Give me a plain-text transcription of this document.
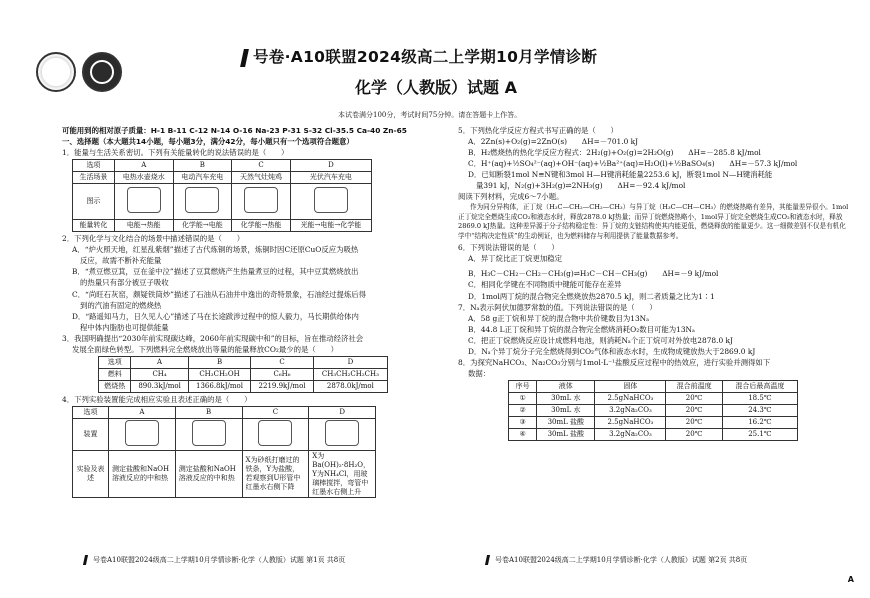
号卷·A10联盟2024级高二上学期10月学情诊断
化学（人教版）试题 A
本试卷满分100分，考试时间75分钟。请在答题卡上作答。
可能用到的相对原子质量：H-1 B-11 C-12 N-14 O-16 Na-23 P-31 S-32 Cl-35.5 Ca-40 Zn-65
一、选择题（本大题共14小题，每小题3分，满分42分，每小题只有一个选项符合题意）
1．能量与生活关系密切。下列有关能量转化的说法错误的是（　　）
选项	A	B	C	D
生活场景	电热水壶烧水	电动汽车充电	天然气灶炖鸡	光伏汽车充电
图示				
能量转化	电能→热能	化学能→电能	化学能→热能	光能→电能→化学能
2．下列化学与文化结合的场景中描述错误的是（　　）
A．“炉火照天地，红星乱紫烟”描述了古代炼铜的场景，炼铜时因C还原CuO反应为吸热
反应，故需不断补充能量
B．“煮豆燃豆萁，豆在釜中泣”描述了豆萁燃烧产生热量煮豆的过程，其中豆萁燃烧放出
的热量只有部分被豆子吸收
C．“尚旺石灰窑，颇疑铁筒炒”描述了石油从石油井中逸出的奇特景象，石油经过提炼后得
到的汽油有固定的燃烧热
D．“路遥知马力，日久见人心”描述了马在长途跋涉过程中的惊人毅力，马长期供给体内
程中体内脂肪也可提供能量
3．我国明确提出“2030年前实现碳达峰，2060年前实现碳中和”的目标，旨在推动经济社会
发展全面绿色转型。下列燃料完全燃烧放出等量的能量释放CO₂最少的是（　　）
选项	A	B	C	D
燃料	CH₄	CH₃CH₂OH	C₆H₆	CH₃CH₂CH₂CH₃
燃烧热	890.3kJ/mol	1366.8kJ/mol	2219.9kJ/mol	2878.0kJ/mol
4．下列实验装置能完成相应实验且表述正确的是（　　）
选项	A	B	C	D
装置				
实验及表述	测定盐酸和NaOH溶液反应的中和热	测定盐酸和NaOH溶液反应的中和热	X为砂纸打磨过的铁条，Y为盐酸，若观察到U形管中红墨水右侧下降	X为Ba(OH)₂·8H₂O，Y为NH₄Cl，用玻璃棒搅拌，弯管中红墨水右侧上升
号卷A10联盟2024级高二上学期10月学情诊断·化学（人教版）试题 第1页 共8页
5．下列热化学反应方程式书写正确的是（　　）
A．2Zn(s)+O₂(g)=2ZnO(s)　　ΔH=－701.0 kJ
B．H₂燃烧热的热化学反应方程式：2H₂(g)+O₂(g)=2H₂O(g)　　ΔH=－285.8 kJ/mol
C．H⁺(aq)+½SO₄²⁻(aq)+OH⁻(aq)+½Ba²⁺(aq)=H₂O(l)+½BaSO₄(s)　　ΔH=－57.3 kJ/mol
D．已知断裂1mol N≡N键和3mol H—H键消耗能量2253.6 kJ，断裂1mol N—H键消耗能
量391 kJ，N₂(g)+3H₂(g)⇌2NH₃(g)　　ΔH=－92.4 kJ/mol
阅读下列材料，完成6～7小题。
作为同分异构体，正丁烷（H₃C—CH₂—CH₂—CH₃）与异丁烷（H₃C—CH—CH₃）的燃烧热略有差异，其能量差异很小。1mol正丁烷完全燃烧生成CO₂和液态水时，释放2878.0 kJ热量；而异丁烷燃烧热略小，1mol异丁烷完全燃烧生成CO₂和液态水时，释放2869.0 kJ热量。这种差异源于分子结构稳定性：异丁烷的支链结构使其内能更低，燃烧释放的能量更少。这一细微差别不仅是有机化学中“结构决定性质”的生动例证，也为燃料储存与利用提供了能量数据参考。
6．下列说法错误的是（　　）
A．异丁烷比正丁烷更加稳定
B．H₃C－CH₂－CH₂－CH₃(g)⇌H₃C－CH－CH₃(g)　　ΔH=－9 kJ/mol
C．相同化学键在不同物质中键能可能存在差异
D．1mol两丁烷的混合物完全燃烧放热2870.5 kJ，则二者质量之比为1∶1
7．Nₐ表示阿伏加德罗常数的值。下列说法错误的是（　　）
A．58 g正丁烷和异丁烷的混合物中共价键数目为13Nₐ
B．44.8 L正丁烷和异丁烷的混合物完全燃烧消耗O₂数目可能为13Nₐ
C．把正丁烷燃烧反应设计成燃料电池，则消耗Nₐ个正丁烷可对外放电2878.0 kJ
D．Nₐ个异丁烷分子完全燃烧得到CO₂气体和液态水时，生成物成键放热大于2869.0 kJ
8．为探究NaHCO₃、Na₂CO₃分别与1mol·L⁻¹盐酸反应过程中的热效应，进行实验并测得如下
数据：
序号	液体	固体	混合前温度	混合后最高温度
①	30mL 水	2.5gNaHCO₃	20℃	18.5℃
②	30mL 水	3.2gNa₂CO₃	20℃	24.3℃
③	30mL 盐酸	2.5gNaHCO₃	20℃	16.2℃
④	30mL 盐酸	3.2gNa₂CO₃	20℃	25.1℃
号卷A10联盟2024级高二上学期10月学情诊断·化学（人教版）试题 第2页 共8页
A
